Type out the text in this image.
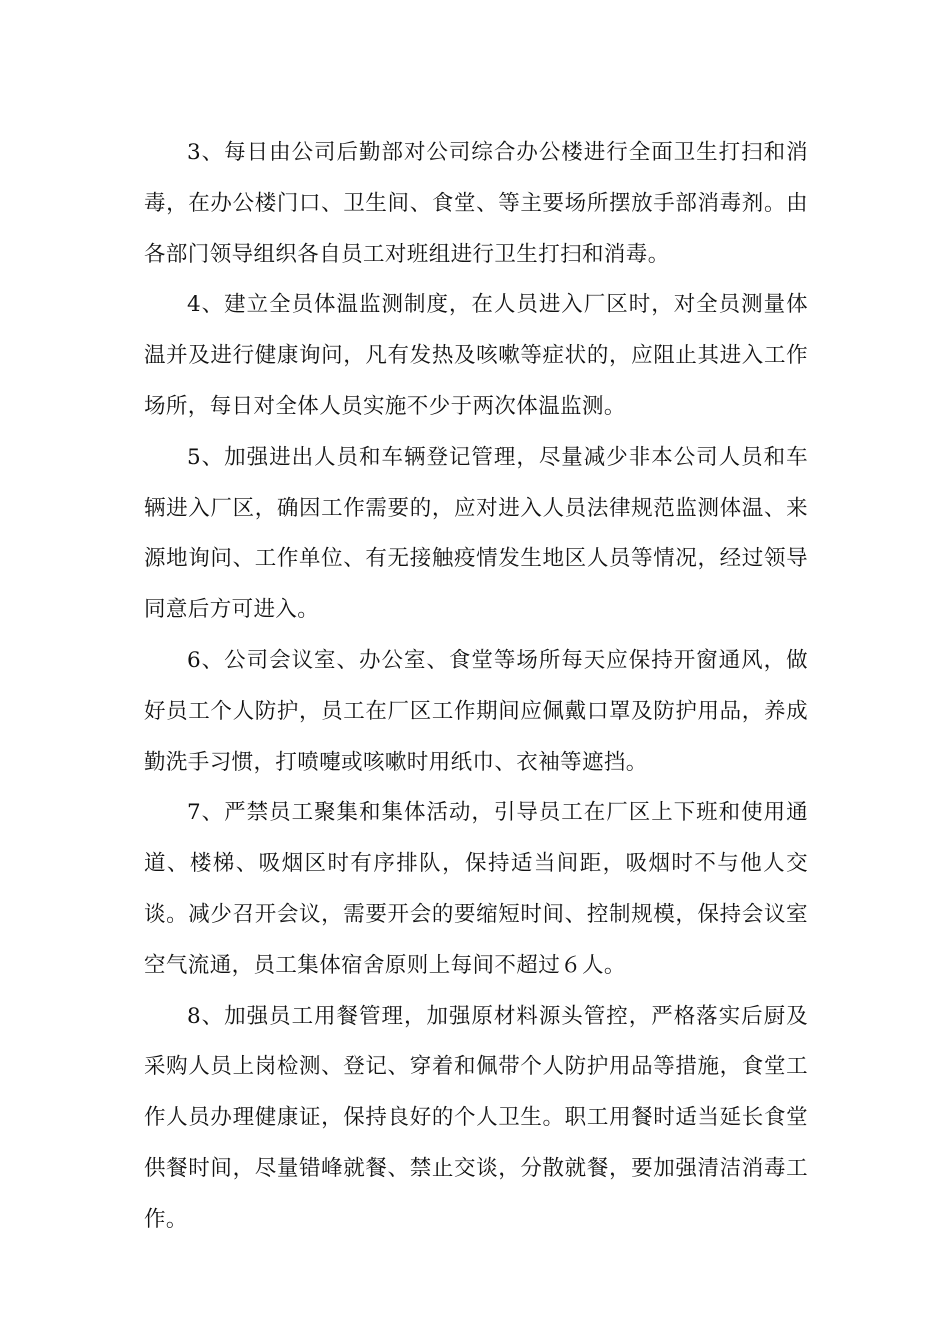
3、每日由公司后勤部对公司综合办公楼进行全面卫生打扫和消毒，在办公楼门口、卫生间、食堂、等主要场所摆放手部消毒剂。由各部门领导组织各自员工对班组进行卫生打扫和消毒。

4、建立全员体温监测制度，在人员进入厂区时，对全员测量体温并及进行健康询问，凡有发热及咳嗽等症状的，应阻止其进入工作场所，每日对全体人员实施不少于两次体温监测。

5、加强进出人员和车辆登记管理，尽量减少非本公司人员和车辆进入厂区，确因工作需要的，应对进入人员法律规范监测体温、来源地询问、工作单位、有无接触疫情发生地区人员等情况，经过领导同意后方可进入。

6、公司会议室、办公室、食堂等场所每天应保持开窗通风，做好员工个人防护，员工在厂区工作期间应佩戴口罩及防护用品，养成勤洗手习惯，打喷嚏或咳嗽时用纸巾、衣袖等遮挡。

7、严禁员工聚集和集体活动，引导员工在厂区上下班和使用通道、楼梯、吸烟区时有序排队，保持适当间距，吸烟时不与他人交谈。减少召开会议，需要开会的要缩短时间、控制规模，保持会议室空气流通，员工集体宿舍原则上每间不超过６人。

8、加强员工用餐管理，加强原材料源头管控，严格落实后厨及采购人员上岗检测、登记、穿着和佩带个人防护用品等措施，食堂工作人员办理健康证，保持良好的个人卫生。职工用餐时适当延长食堂供餐时间，尽量错峰就餐、禁止交谈，分散就餐，要加强清洁消毒工作。
